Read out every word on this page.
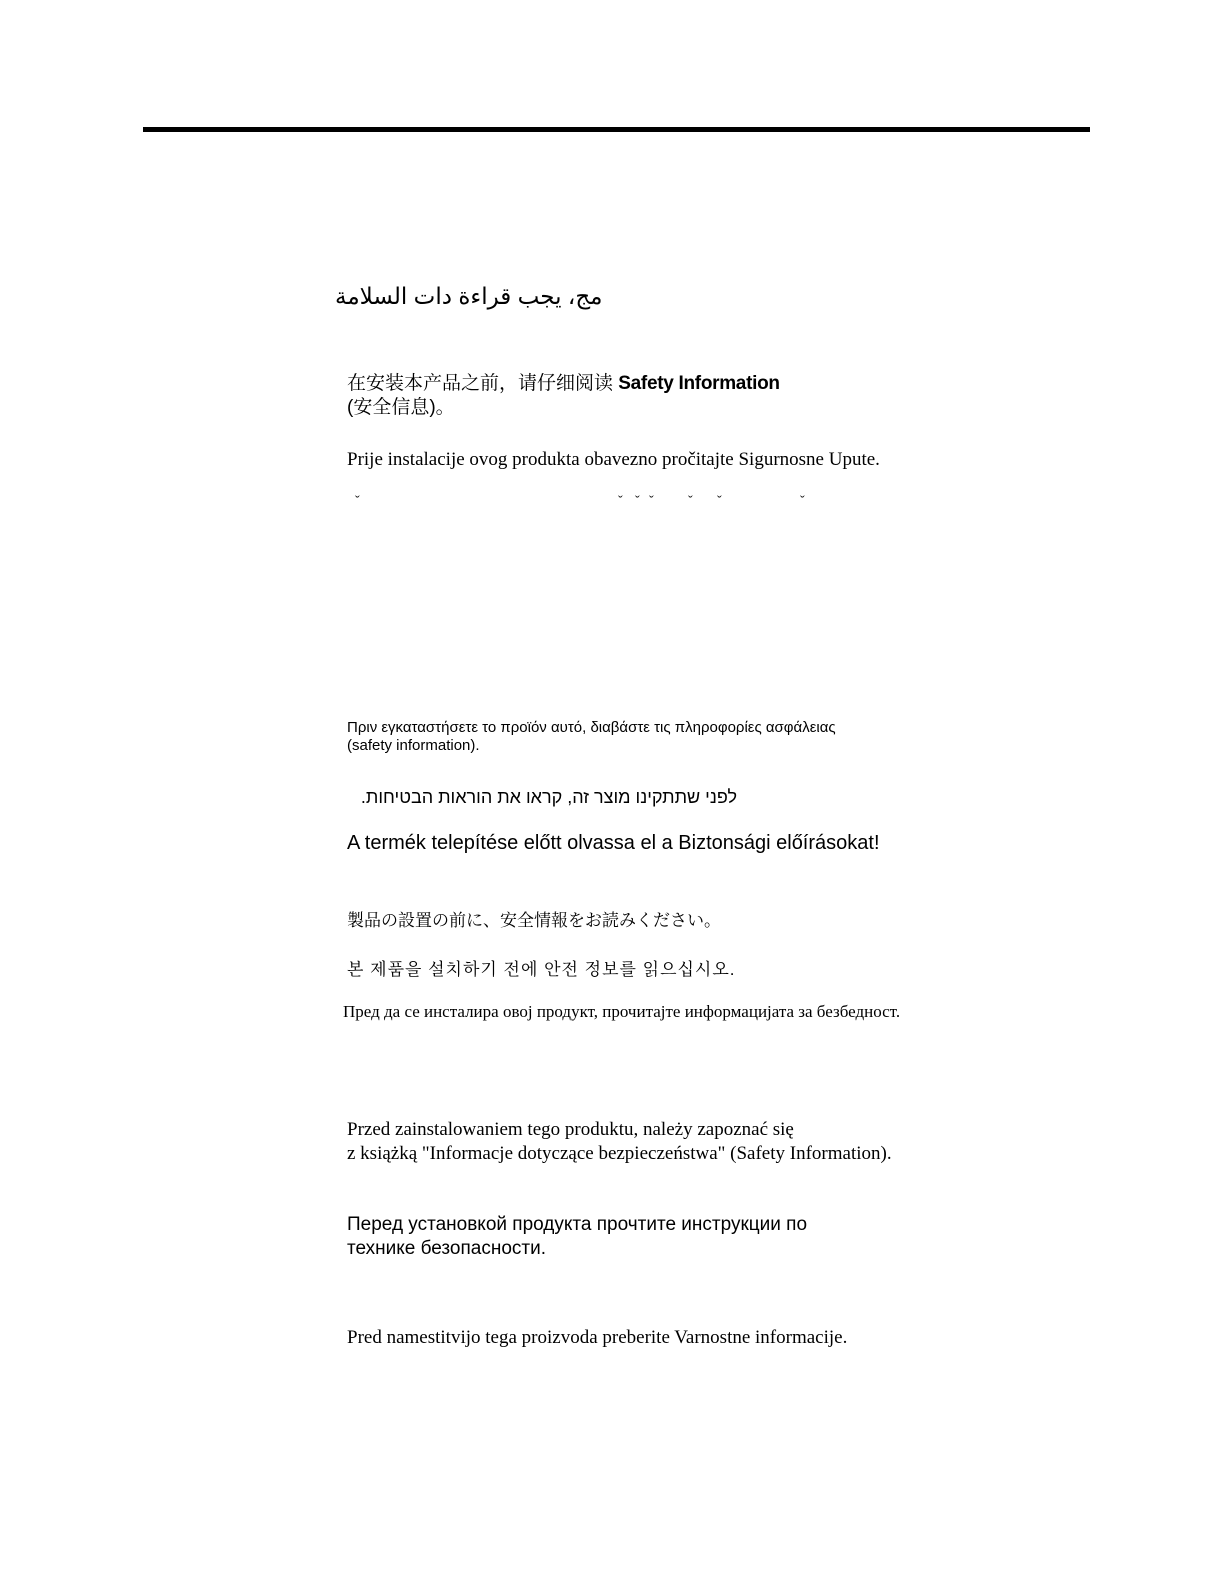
مج، يجب قراءة دات السلامة
在安装本产品之前，请仔细阅读 Safety Information
(安全信息)。
Prije instalacije ovog produkta obavezno pročitajte Sigurnosne Upute.
ˇ	ˇ ˇ ˇ ˇ ˇ	ˇ
Πριν εγκαταστήσετε το προϊόν αυτό, διαβάστε τις πληροφορίες ασφάλειας
(safety information).
לפני שתתקינו מוצר זה, קראו את הוראות הבטיחות.
A termék telepítése előtt olvassa el a Biztonsági előírásokat!
製品の設置の前に、安全情報をお読みください。
본 제품을 설치하기 전에 안전 정보를 읽으십시오.
Пред да се инсталира овој продукт, прочитајте информацијата за безбедност.
Przed zainstalowaniem tego produktu, należy zapoznać się
z książką "Informacje dotyczące bezpieczeństwa" (Safety Information).
Перед установкой продукта прочтите инструкции по
технике безопасности.
Pred namestitvijo tega proizvoda preberite Varnostne informacije.
